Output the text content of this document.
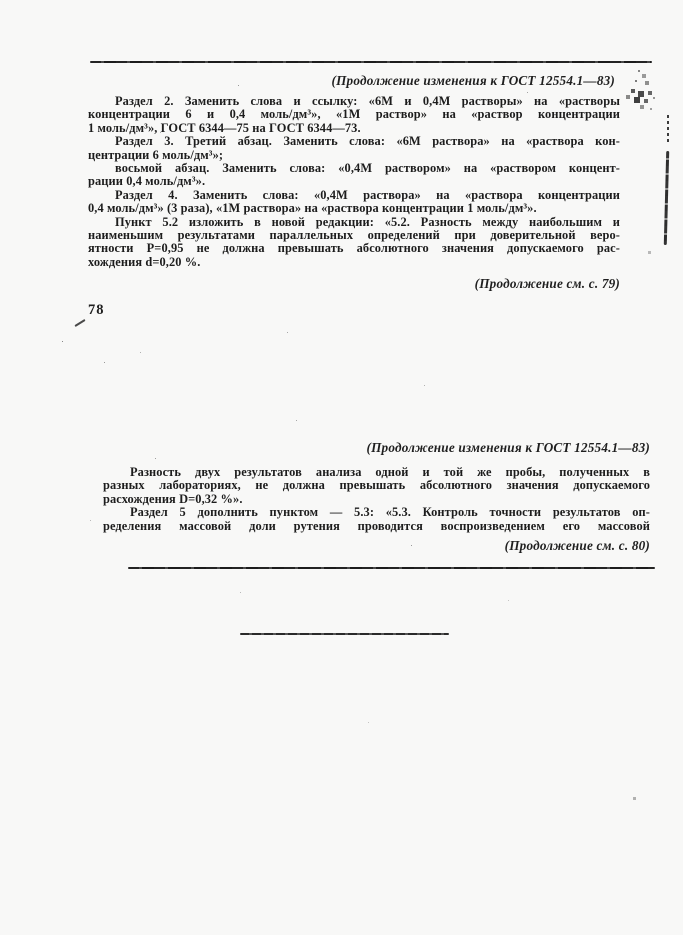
(Продолжение изменения к ГОСТ 12554.1—83)
Раздел 2. Заменить слова и ссылку: «6М и 0,4М растворы» на «растворы
концентрации 6 и 0,4 моль/дм³», «1М раствор» на «раствор концентрации
1 моль/дм³», ГОСТ 6344—75 на ГОСТ 6344—73.
Раздел 3. Третий абзац. Заменить слова: «6М раствора» на «раствора кон-
центрации 6 моль/дм³»;
восьмой абзац. Заменить слова: «0,4М раствором» на «раствором концент-
рации 0,4 моль/дм³».
Раздел 4. Заменить слова: «0,4М раствора» на «раствора концентрации
0,4 моль/дм³» (3 раза), «1М раствора» на «раствора концентрации 1 моль/дм³».
Пункт 5.2 изложить в новой редакции: «5.2. Разность между наибольшим и
наименьшим результатами параллельных определений при доверительной веро-
ятности Р=0,95 не должна превышать абсолютного значения допускаемого рас-
хождения d=0,20 %.
(Продолжение см. с. 79)
78
(Продолжение изменения к ГОСТ 12554.1—83)
Разность двух результатов анализа одной и той же пробы, полученных в
разных лабораториях, не должна превышать абсолютного значения допускаемого
расхождения D=0,32 %».
Раздел 5 дополнить пунктом — 5.3: «5.3. Контроль точности результатов оп-
ределения массовой доли рутения проводится воспроизведением его массовой
(Продолжение см. с. 80)
